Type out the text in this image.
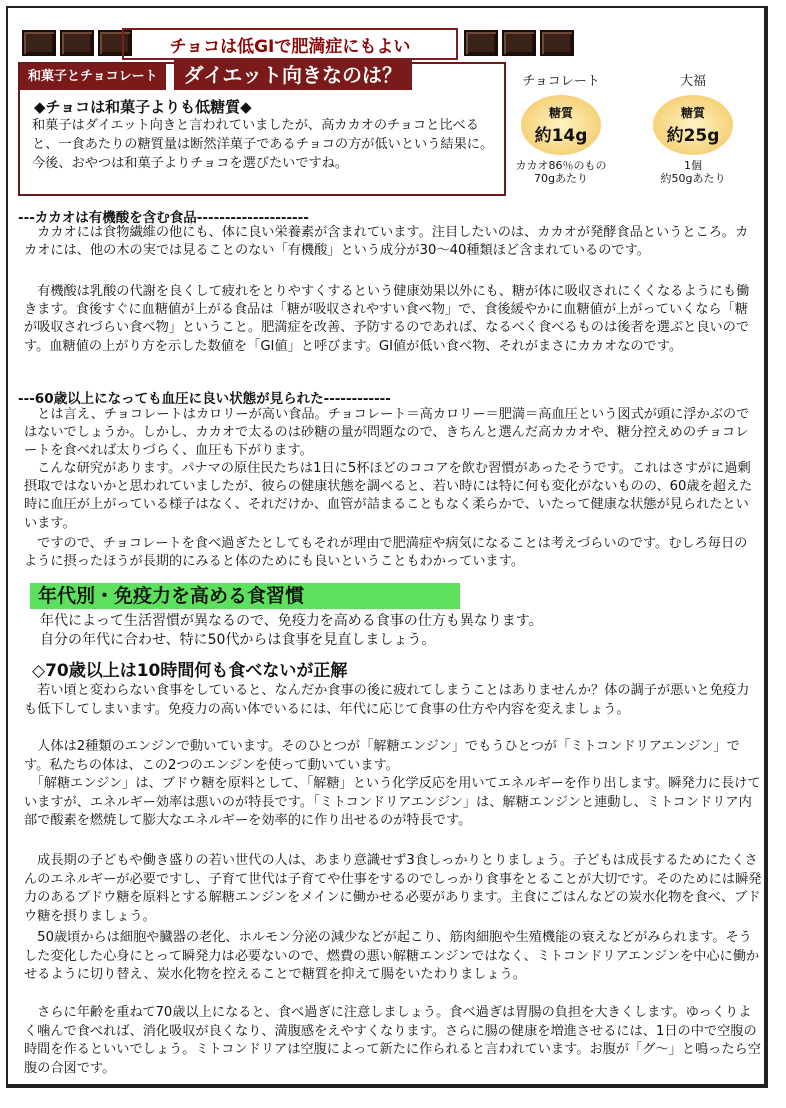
チョコは低GIで肥満症にもよい
和菓子とチョコレート	ダイエット向きなのは？
◆チョコは和菓子よりも低糖質◆
和菓子はダイエット向きと言われていましたが、高カカオのチョコと比べると、一食あたりの糖質量は断然洋菓子であるチョコの方が低いという結果に。今後、おやつは和菓子よりチョコを選びたいですね。
チョコレート
糖質
約14g
カカオ86％のもの
70gあたり
大福
糖質
約25g
1個
約50gあたり
---カカオは有機酸を含む食品--------------------
　カカオには食物繊維の他にも、体に良い栄養素が含まれています。注目したいのは、カカオが発酵食品というところ。カカオには、他の木の実では見ることのない「有機酸」という成分が30～40種類ほど含まれているのです。
　有機酸は乳酸の代謝を良くして疲れをとりやすくするという健康効果以外にも、糖が体に吸収されにくくなるようにも働きます。食後すぐに血糖値が上がる食品は「糖が吸収されやすい食べ物」で、食後緩やかに血糖値が上がっていくなら「糖が吸収されづらい食べ物」ということ。肥満症を改善、予防するのであれば、なるべく食べるものは後者を選ぶと良いのです。血糖値の上がり方を示した数値を「GI値」と呼びます。GI値が低い食べ物、それがまさにカカオなのです。
---60歳以上になっても血圧に良い状態が見られた------------
　とは言え、チョコレートはカロリーが高い食品。チョコレート＝高カロリー＝肥満＝高血圧という図式が頭に浮かぶのではないでしょうか。しかし、カカオで太るのは砂糖の量が問題なので、きちんと選んだ高カカオや、糖分控えめのチョコレートを食べれば太りづらく、血圧も下がります。
　こんな研究があります。パナマの原住民たちは1日に5杯ほどのココアを飲む習慣があったそうです。これはさすがに過剰摂取ではないかと思われていましたが、彼らの健康状態を調べると、若い時には特に何も変化がないものの、60歳を超えた時に血圧が上がっている様子はなく、それだけか、血管が詰まることもなく柔らかで、いたって健康な状態が見られたといいます。
　ですので、チョコレートを食べ過ぎたとしてもそれが理由で肥満症や病気になることは考えづらいのです。むしろ毎日のように摂ったほうが長期的にみると体のためにも良いということもわかっています。
年代別・免疫力を高める食習慣
年代によって生活習慣が異なるので、免疫力を高める食事の仕方も異なります。
自分の年代に合わせ、特に50代からは食事を見直しましょう。
◇70歳以上は10時間何も食べないが正解
　若い頃と変わらない食事をしていると、なんだか食事の後に疲れてしまうことはありませんか？体の調子が悪いと免疫力も低下してしまいます。免疫力の高い体でいるには、年代に応じて食事の仕方や内容を変えましょう。
　人体は2種類のエンジンで動いています。そのひとつが「解糖エンジン」でもうひとつが「ミトコンドリアエンジン」です。私たちの体は、この2つのエンジンを使って動いています。
　「解糖エンジン」は、ブドウ糖を原料として、「解糖」という化学反応を用いてエネルギーを作り出します。瞬発力に長けていますが、エネルギー効率は悪いのが特長です。「ミトコンドリアエンジン」は、解糖エンジンと連動し、ミトコンドリア内部で酸素を燃焼して膨大なエネルギーを効率的に作り出せるのが特長です。
　成長期の子どもや働き盛りの若い世代の人は、あまり意識せず3食しっかりとりましょう。子どもは成長するためにたくさんのエネルギーが必要ですし、子育て世代は子育てや仕事をするのでしっかり食事をとることが大切です。そのためには瞬発力のあるブドウ糖を原料とする解糖エンジンをメインに働かせる必要があります。主食にごはんなどの炭水化物を食べ、ブドウ糖を摂りましょう。
　50歳頃からは細胞や臓器の老化、ホルモン分泌の減少などが起こり、筋肉細胞や生殖機能の衰えなどがみられます。そうした変化した心身にとって瞬発力は必要ないので、燃費の悪い解糖エンジンではなく、ミトコンドリアエンジンを中心に働かせるように切り替え、炭水化物を控えることで糖質を抑えて腸をいたわりましょう。
　さらに年齢を重ねて70歳以上になると、食べ過ぎに注意しましょう。食べ過ぎは胃腸の負担を大きくします。ゆっくりよく噛んで食べれば、消化吸収が良くなり、満腹感をえやすくなります。さらに腸の健康を増進させるには、1日の中で空腹の時間を作るといいでしょう。ミトコンドリアは空腹によって新たに作られると言われています。お腹が「グ～」と鳴ったら空腹の合図です。
